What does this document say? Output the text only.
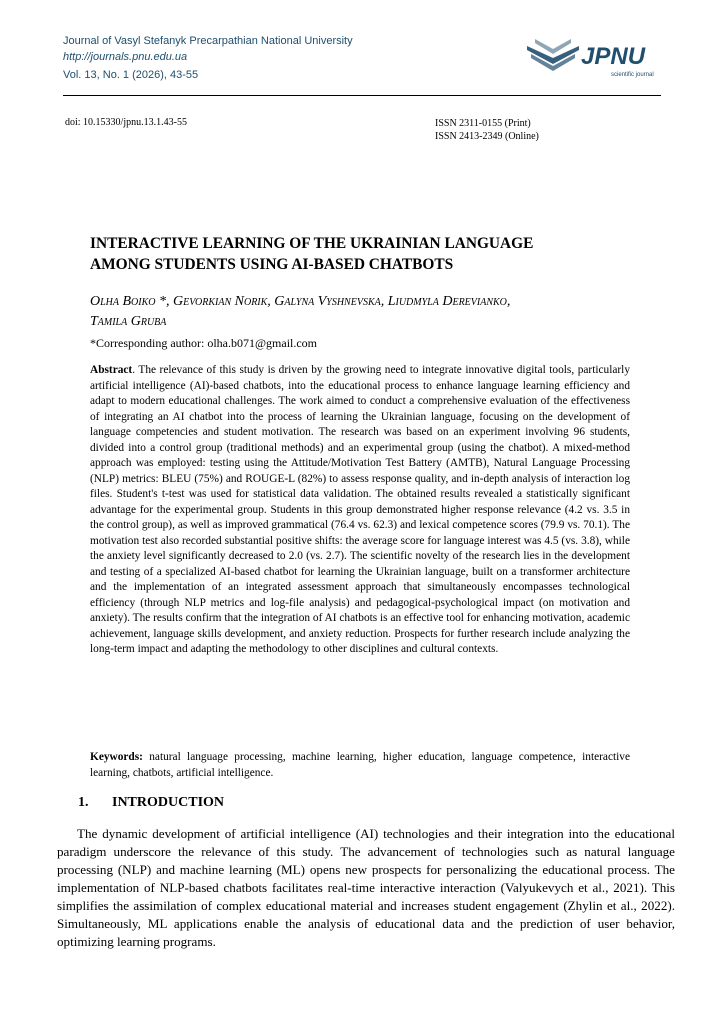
Journal of Vasyl Stefanyk Precarpathian National University
http://journals.pnu.edu.ua
Vol. 13, No. 1 (2026), 43-55
JPNU
scientific journal
doi: 10.15330/jpnu.13.1.43-55	ISSN 2311-0155 (Print)
ISSN 2413-2349 (Online)
INTERACTIVE LEARNING OF THE UKRAINIAN LANGUAGE
AMONG STUDENTS USING AI-BASED CHATBOTS
Olha Boiko *, Gevorkian Norik, Galyna Vyshnevska, Liudmyla Derevianko,
Tamila Gruba
*Corresponding author: olha.b071@gmail.com
Abstract. The relevance of this study is driven by the growing need to integrate innovative digital tools, particularly artificial intelligence (AI)-based chatbots, into the educational process to enhance language learning efficiency and adapt to modern educational challenges. The work aimed to conduct a comprehensive evaluation of the effectiveness of integrating an AI chatbot into the process of learning the Ukrainian language, focusing on the development of language competencies and student motivation. The research was based on an experiment involving 96 students, divided into a control group (traditional methods) and an experimental group (using the chatbot). A mixed-method approach was employed: testing using the Attitude/Motivation Test Battery (AMTB), Natural Language Processing (NLP) metrics: BLEU (75%) and ROUGE-L (82%) to assess response quality, and in-depth analysis of interaction log files. Student's t-test was used for statistical data validation. The obtained results revealed a statistically significant advantage for the experimental group. Students in this group demonstrated higher response relevance (4.2 vs. 3.5 in the control group), as well as improved grammatical (76.4 vs. 62.3) and lexical competence scores (79.9 vs. 70.1). The motivation test also recorded substantial positive shifts: the average score for language interest was 4.5 (vs. 3.8), while the anxiety level significantly decreased to 2.0 (vs. 2.7). The scientific novelty of the research lies in the development and testing of a specialized AI-based chatbot for learning the Ukrainian language, built on a transformer architecture and the implementation of an integrated assessment approach that simultaneously encompasses technological efficiency (through NLP metrics and log-file analysis) and pedagogical-psychological impact (on motivation and anxiety). The results confirm that the integration of AI chatbots is an effective tool for enhancing motivation, academic achievement, language skills development, and anxiety reduction. Prospects for further research include analyzing the long-term impact and adapting the methodology to other disciplines and cultural contexts.
Keywords: natural language processing, machine learning, higher education, language competence, interactive learning, chatbots, artificial intelligence.
1. INTRODUCTION
The dynamic development of artificial intelligence (AI) technologies and their integration into the educational paradigm underscore the relevance of this study. The advancement of technologies such as natural language processing (NLP) and machine learning (ML) opens new prospects for personalizing the educational process. The implementation of NLP-based chatbots facilitates real-time interactive interaction (Valyukevych et al., 2021). This simplifies the assimilation of complex educational material and increases student engagement (Zhylin et al., 2022). Simultaneously, ML applications enable the analysis of educational data and the prediction of user behavior, optimizing learning programs.
